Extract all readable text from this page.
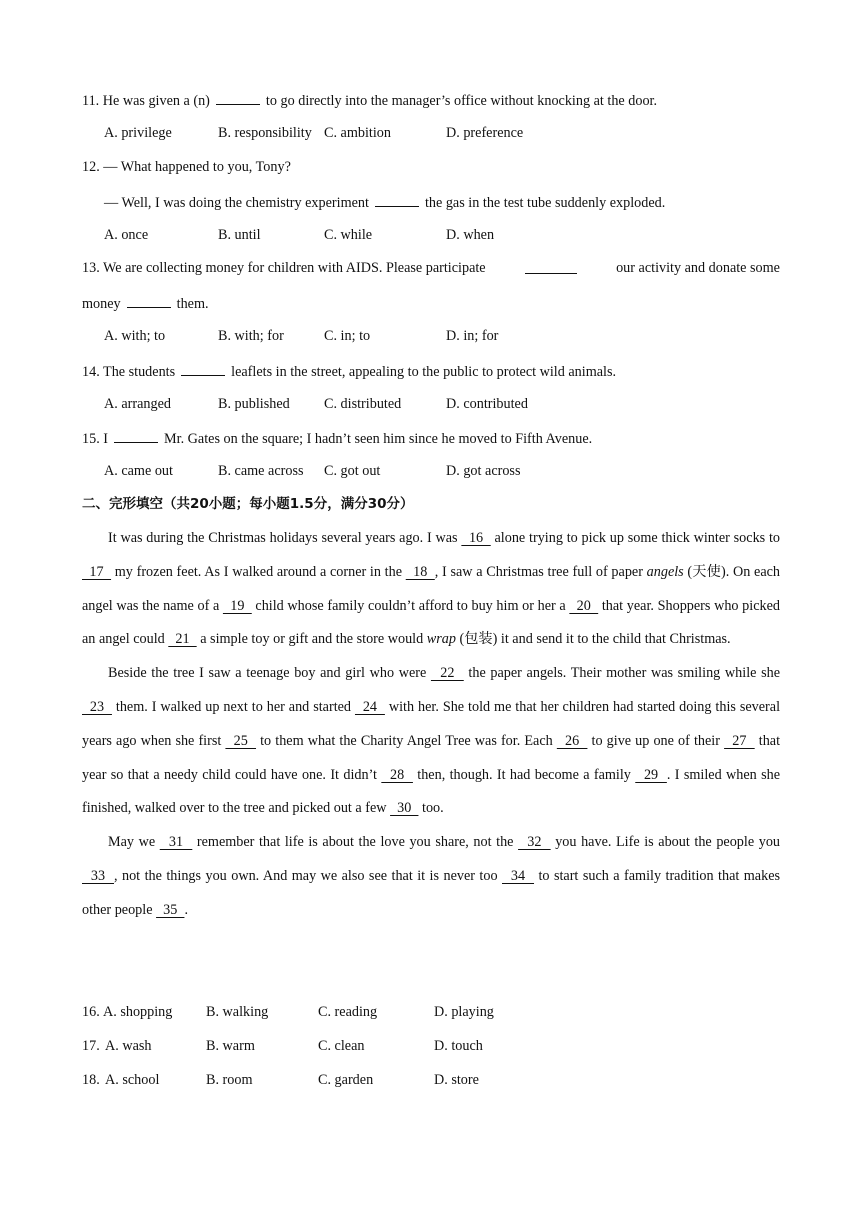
11. He was given a (n)	to go directly into the manager’s office without knocking at the door.
A. privilege	B. responsibility C. ambition	D. preference
12. — What happened to you, Tony?
— Well, I was doing the chemistry experiment	the gas in the test tube suddenly exploded.
A. once	B. until	C. while	D. when
13. We are collecting money for children with AIDS. Please participate	our activity and donate some
money	them.
A. with; to	B. with; for	C. in; to	D. in; for
14. The students	leaflets in the street, appealing to the public to protect wild animals.
A. arranged	B. published C. distributed	D. contributed
15. I	Mr. Gates on the square; I hadn’t seen him since he moved to Fifth Avenue.
A. came out	B. came across C. got out	D. got across
二、完形填空（共20小题；每小题1.5分，满分30分）

It was during the Christmas holidays several years ago. I was   16   alone trying to pick up some thick winter socks to   17   my frozen feet. As I walked around a corner in the   18  , I saw a Christmas tree full of paper angels (天使). On each angel was the name of a   19   child whose family couldn’t afford to buy him or her a   20   that year. Shoppers who picked an angel could   21   a simple toy or gift and the store would wrap (包装) it and send it to the child that Christmas.

Beside the tree I saw a teenage boy and girl who were   22   the paper angels. Their mother was smiling while she   23   them. I walked up next to her and started   24   with her. She told me that her children had started doing this several years ago when she first   25   to them what the Charity Angel Tree was for. Each   26   to give up one of their   27   that year so that a needy child could have one. It didn’t   28   then, though. It had become a family   29  . I smiled when she finished, walked over to the tree and picked out a few   30   too.

May we   31   remember that life is about the love you share, not the   32   you have. Life is about the people you   33  , not the things you own. And may we also see that it is never too   34   to start such a family tradition that makes other people   35  .

16. A. shopping B. walking	C. reading	D. playing
17. A. wash	B. warm	C. clean	D. touch
18. A. school	B. room	C. garden	D. store
